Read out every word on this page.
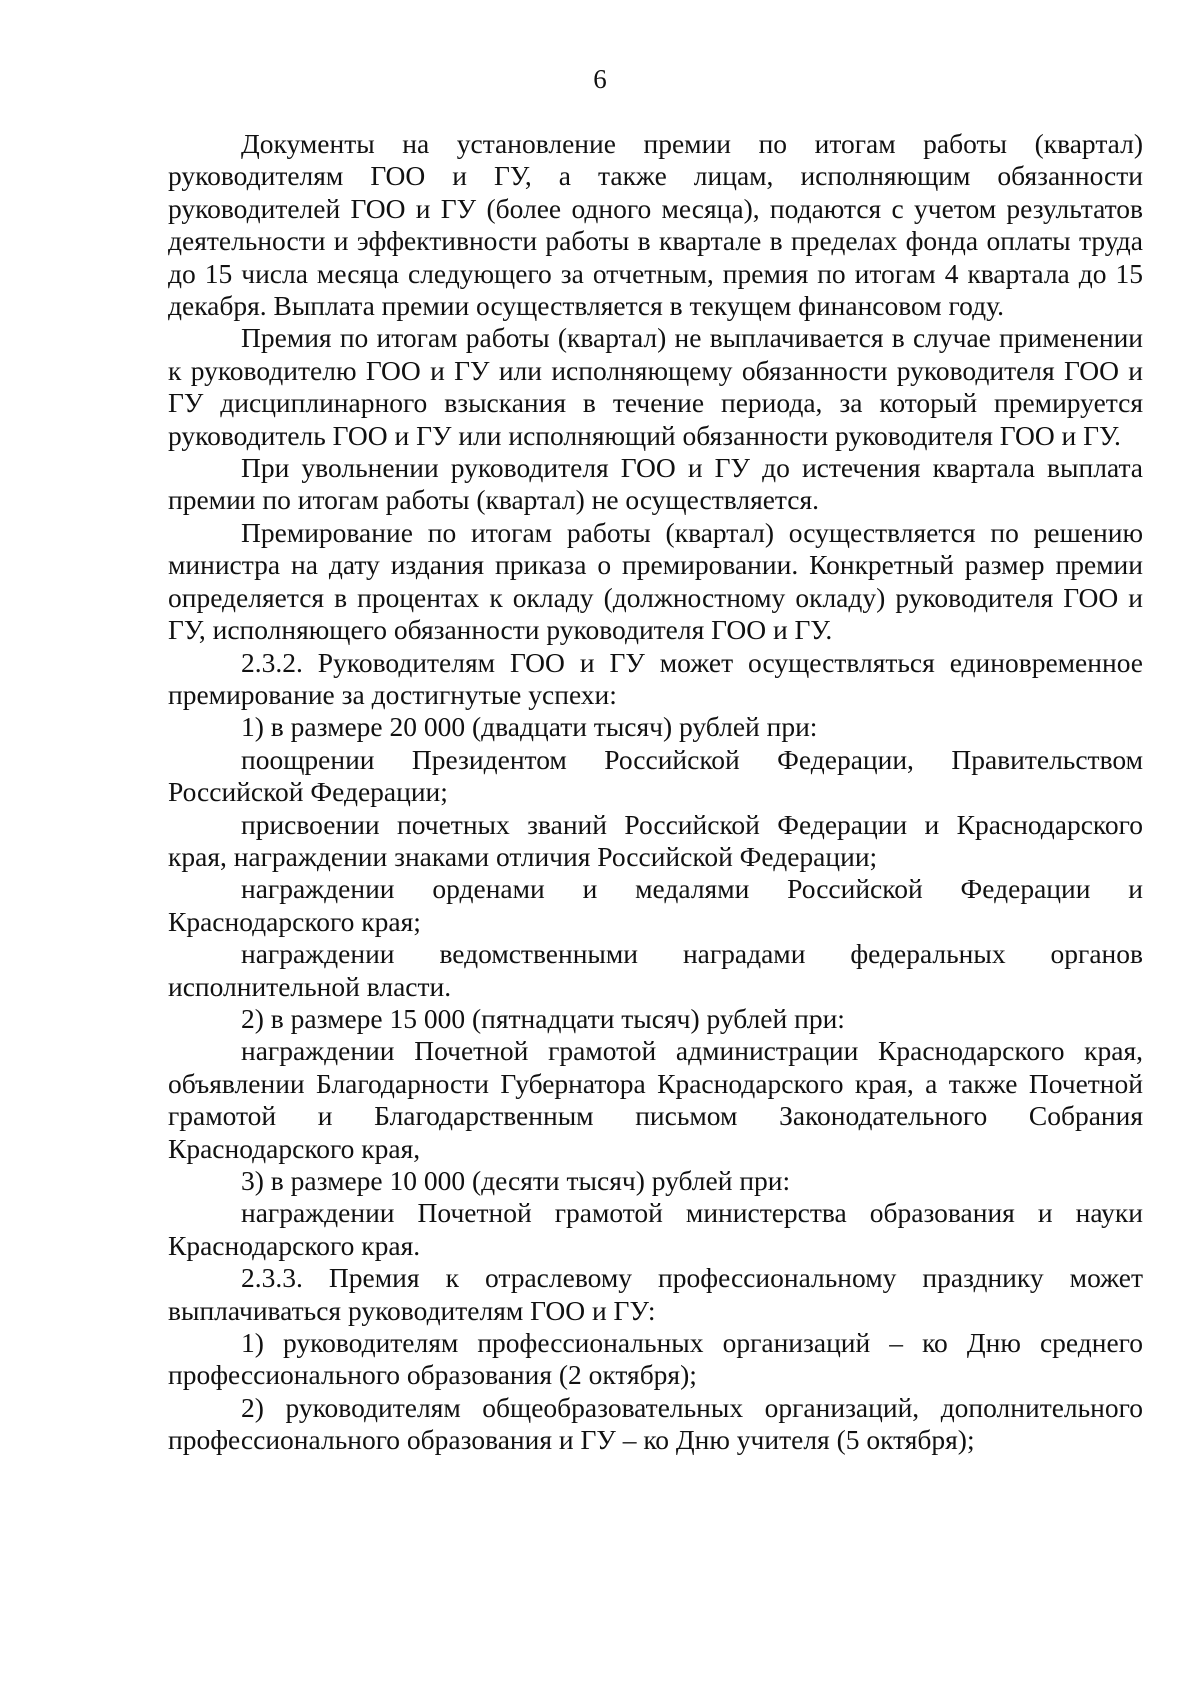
6

Документы на установление премии по итогам работы (квартал) руководителям ГОО и ГУ, а также лицам, исполняющим обязанности руководителей ГОО и ГУ (более одного месяца), подаются с учетом результатов деятельности и эффективности работы в квартале в пределах фонда оплаты труда до 15 числа месяца следующего за отчетным, премия по итогам 4 квартала до 15 декабря. Выплата премии осуществляется в текущем финансовом году.

Премия по итогам работы (квартал) не выплачивается в случае применении к руководителю ГОО и ГУ или исполняющему обязанности руководителя ГОО и ГУ дисциплинарного взыскания в течение периода, за который премируется руководитель ГОО и ГУ или исполняющий обязанности руководителя ГОО и ГУ.

При увольнении руководителя ГОО и ГУ до истечения квартала выплата премии по итогам работы (квартал) не осуществляется.

Премирование по итогам работы (квартал) осуществляется по решению министра на дату издания приказа о премировании. Конкретный размер премии определяется в процентах к окладу (должностному окладу) руководителя ГОО и ГУ, исполняющего обязанности руководителя ГОО и ГУ.

2.3.2. Руководителям ГОО и ГУ может осуществляться единовременное премирование за достигнутые успехи:

1) в размере 20 000 (двадцати тысяч) рублей при:

поощрении Президентом Российской Федерации, Правительством Российской Федерации;

присвоении почетных званий Российской Федерации и Краснодарского края, награждении знаками отличия Российской Федерации;

награждении орденами и медалями Российской Федерации и Краснодарского края;

награждении ведомственными наградами федеральных органов исполнительной власти.

2) в размере 15 000 (пятнадцати тысяч) рублей при:

награждении Почетной грамотой администрации Краснодарского края, объявлении Благодарности Губернатора Краснодарского края, а также Почетной грамотой и Благодарственным письмом Законодательного Собрания Краснодарского края,

3) в размере 10 000 (десяти тысяч) рублей при:

награждении Почетной грамотой министерства образования и науки Краснодарского края.

2.3.3. Премия к отраслевому профессиональному празднику может выплачиваться руководителям ГОО и ГУ:

1) руководителям профессиональных организаций – ко Дню среднего профессионального образования (2 октября);

2) руководителям общеобразовательных организаций, дополнительного профессионального образования и ГУ – ко Дню учителя (5 октября);
